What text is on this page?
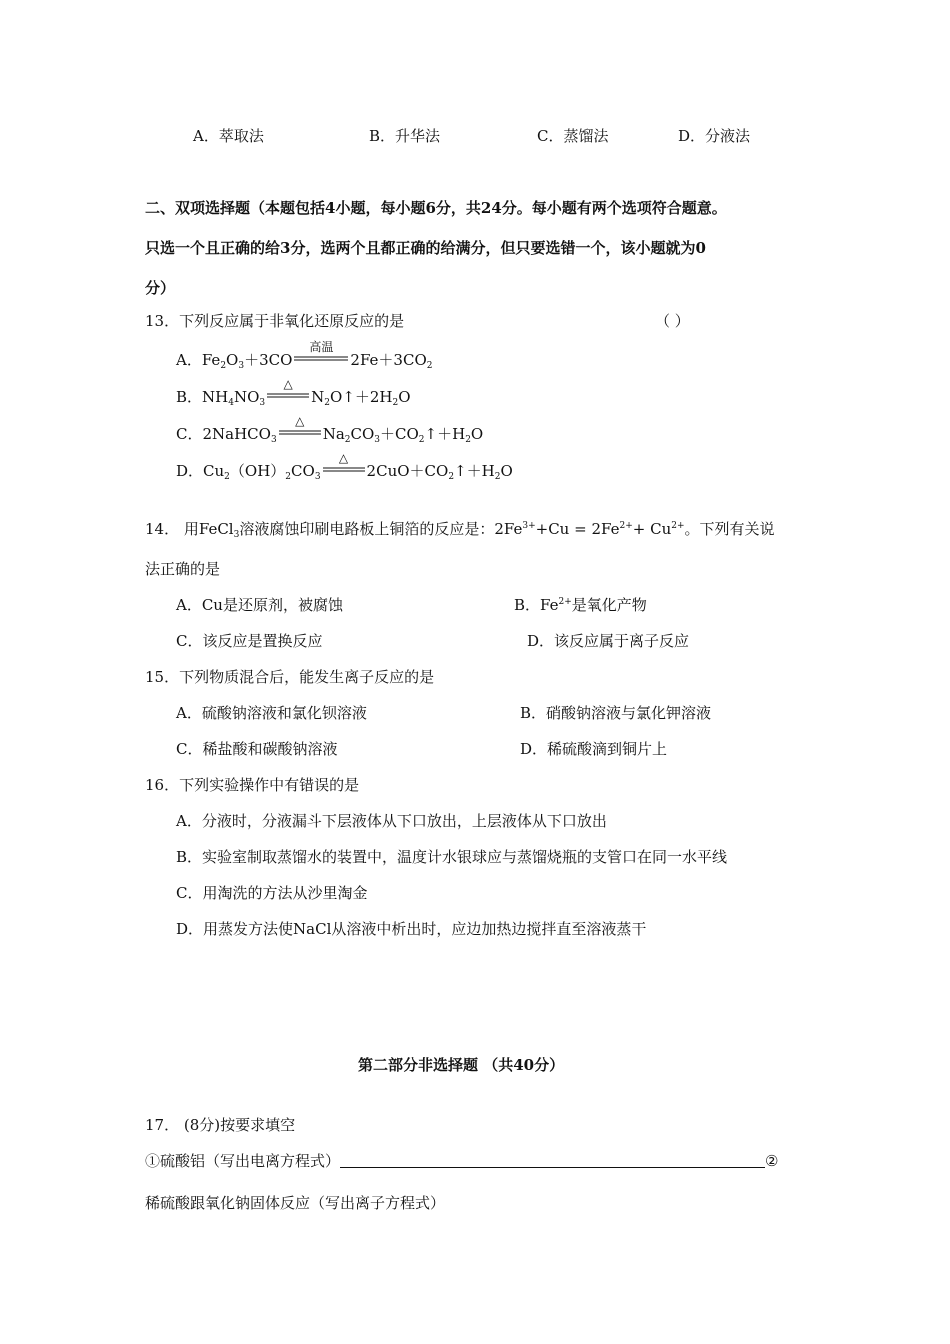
A．萃取法	B．升华法	C．蒸馏法	D．分液法
二、双项选择题（本题包括4小题，每小题6分，共24分。每小题有两个选项符合题意。
只选一个且正确的给3分，选两个且都正确的给满分，但只要选错一个，该小题就为0
分）
13．下列反应属于非氧化还原反应的是	（ ）
A．$Fe_2O_3+3CO$
高温
$2Fe+3CO_2$
B．$NH_4NO_3$
△
$N_2O↑+2H_2O$
C．2NaHCO$_3$
△
$Na_2CO_3+CO_2↑+H_2O$
D．$Cu_2(OH)_2CO_3$
△
$2CuO+CO_2↑+H_2O$
14． 用FeCl$_3$溶液腐蚀印刷电路板上铜箔的反应是：$2Fe^{3+}+Cu = 2Fe^{2+}+ Cu^{2+}$。下列有关说
法正确的是
A．Cu是还原剂，被腐蚀	B．$Fe^{2+}$是氧化产物
C．该反应是置换反应	D．该反应属于离子反应
15．下列物质混合后，能发生离子反应的是
A．硫酸钠溶液和氯化钡溶液	B．硝酸钠溶液与氯化钾溶液
C．稀盐酸和碳酸钠溶液	D．稀硫酸滴到铜片上
16．下列实验操作中有错误的是
A．分液时，分液漏斗下层液体从下口放出，上层液体从下口放出
B．实验室制取蒸馏水的装置中，温度计水银球应与蒸馏烧瓶的支管口在同一水平线
C．用淘洗的方法从沙里淘金
D．用蒸发方法使NaCl从溶液中析出时，应边加热边搅拌直至溶液蒸干
第二部分非选择题 （共40分）
17． (8分)按要求填空
①硫酸铝（写出电离方程式）	②
稀硫酸跟氧化钠固体反应（写出离子方程式）
